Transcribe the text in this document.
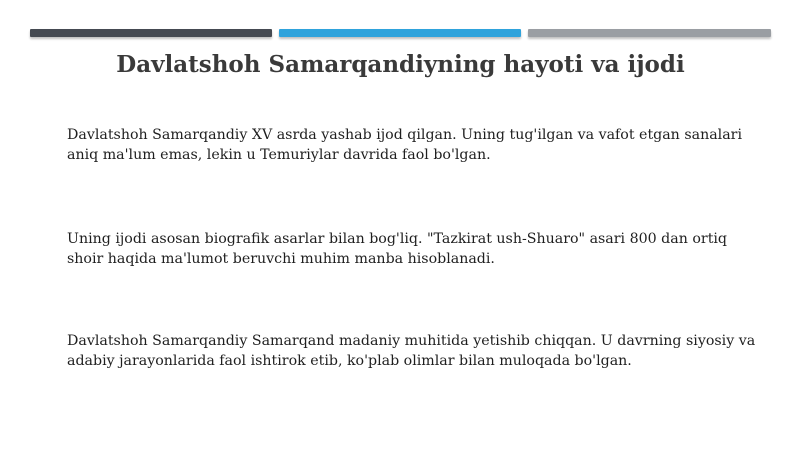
Davlatshoh Samarqandiyning hayoti va ijodi

Davlatshoh Samarqandiy XV asrda yashab ijod qilgan. Uning tug'ilgan va vafot etgan sanalari aniq ma'lum emas, lekin u Temuriylar davrida faol bo'lgan.

Uning ijodi asosan biografik asarlar bilan bog'liq. "Tazkirat ush-Shuaro" asari 800 dan ortiq shoir haqida ma'lumot beruvchi muhim manba hisoblanadi.

Davlatshoh Samarqandiy Samarqand madaniy muhitida yetishib chiqqan. U davrning siyosiy va adabiy jarayonlarida faol ishtirok etib, ko'plab olimlar bilan muloqada bo'lgan.
